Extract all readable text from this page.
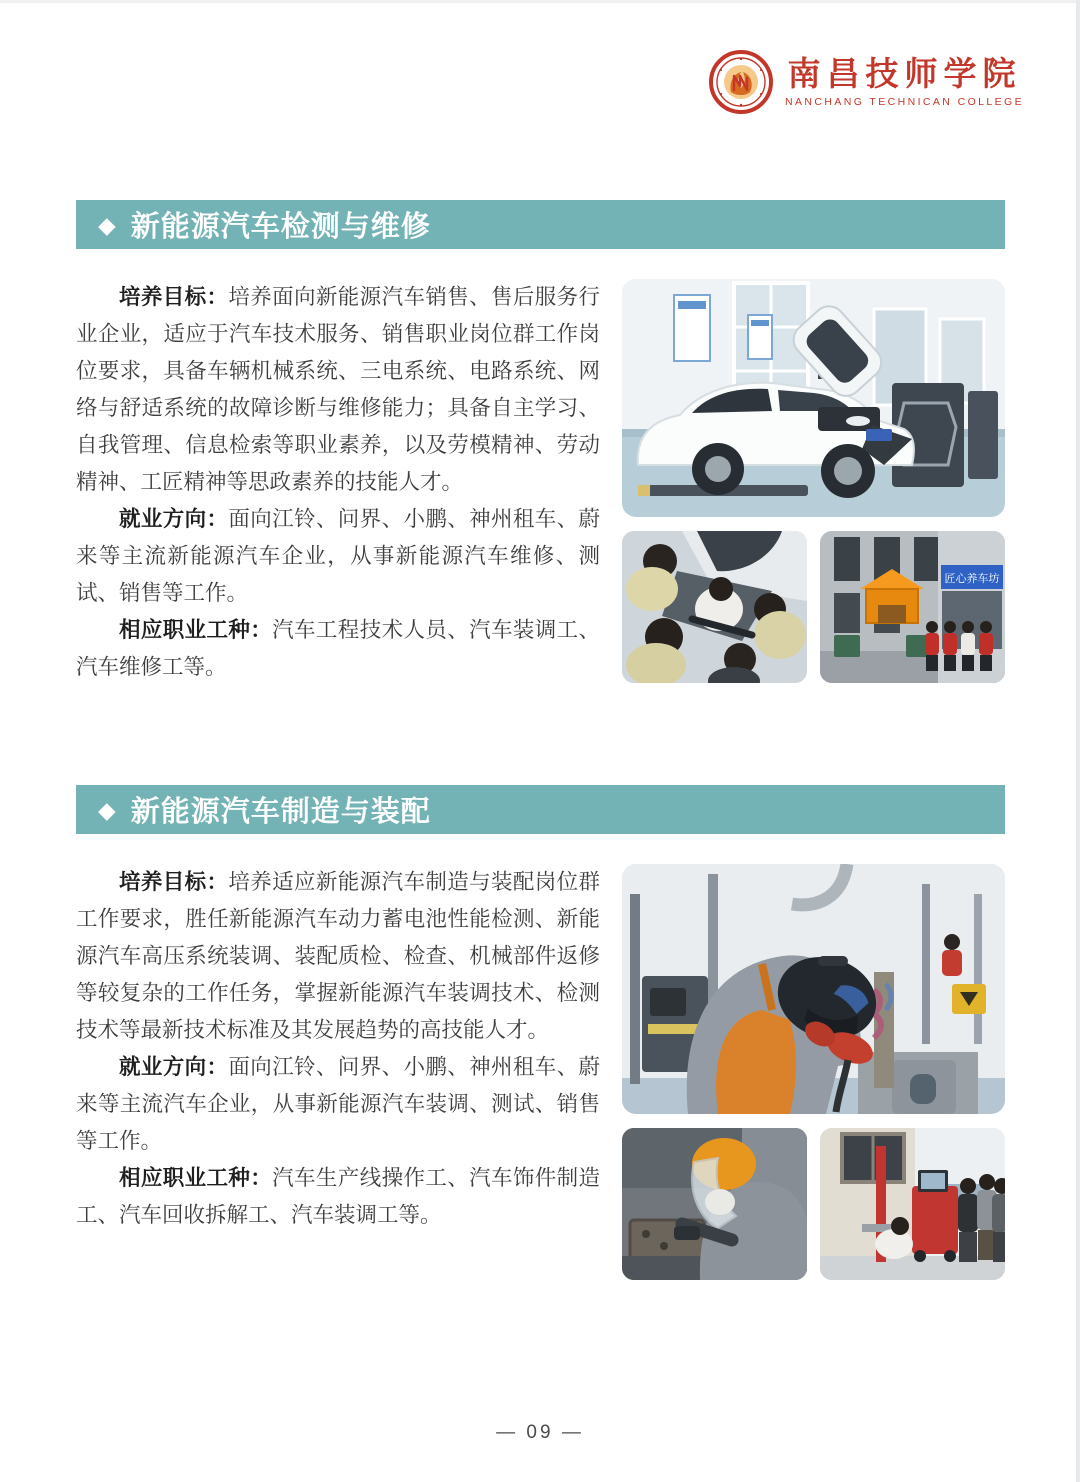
南昌技师学院
NANCHANG TECHNICAN COLLEGE
◆ 新能源汽车检测与维修

培养目标：培养面向新能源汽车销售、售后服务行业企业，适应于汽车技术服务、销售职业岗位群工作岗位要求，具备车辆机械系统、三电系统、电路系统、网络与舒适系统的故障诊断与维修能力；具备自主学习、自我管理、信息检索等职业素养，以及劳模精神、劳动精神、工匠精神等思政素养的技能人才。

就业方向：面向江铃、问界、小鹏、神州租车、蔚来等主流新能源汽车企业，从事新能源汽车维修、测试、销售等工作。

相应职业工种：汽车工程技术人员、汽车装调工、汽车维修工等。

匠心养车坊
◆ 新能源汽车制造与装配

培养目标：培养适应新能源汽车制造与装配岗位群工作要求，胜任新能源汽车动力蓄电池性能检测、新能源汽车高压系统装调、装配质检、检查、机械部件返修等较复杂的工作任务，掌握新能源汽车装调技术、检测技术等最新技术标准及其发展趋势的高技能人才。

就业方向：面向江铃、问界、小鹏、神州租车、蔚来等主流汽车企业，从事新能源汽车装调、测试、销售等工作。

相应职业工种：汽车生产线操作工、汽车饰件制造工、汽车回收拆解工、汽车装调工等。

— 09 —
